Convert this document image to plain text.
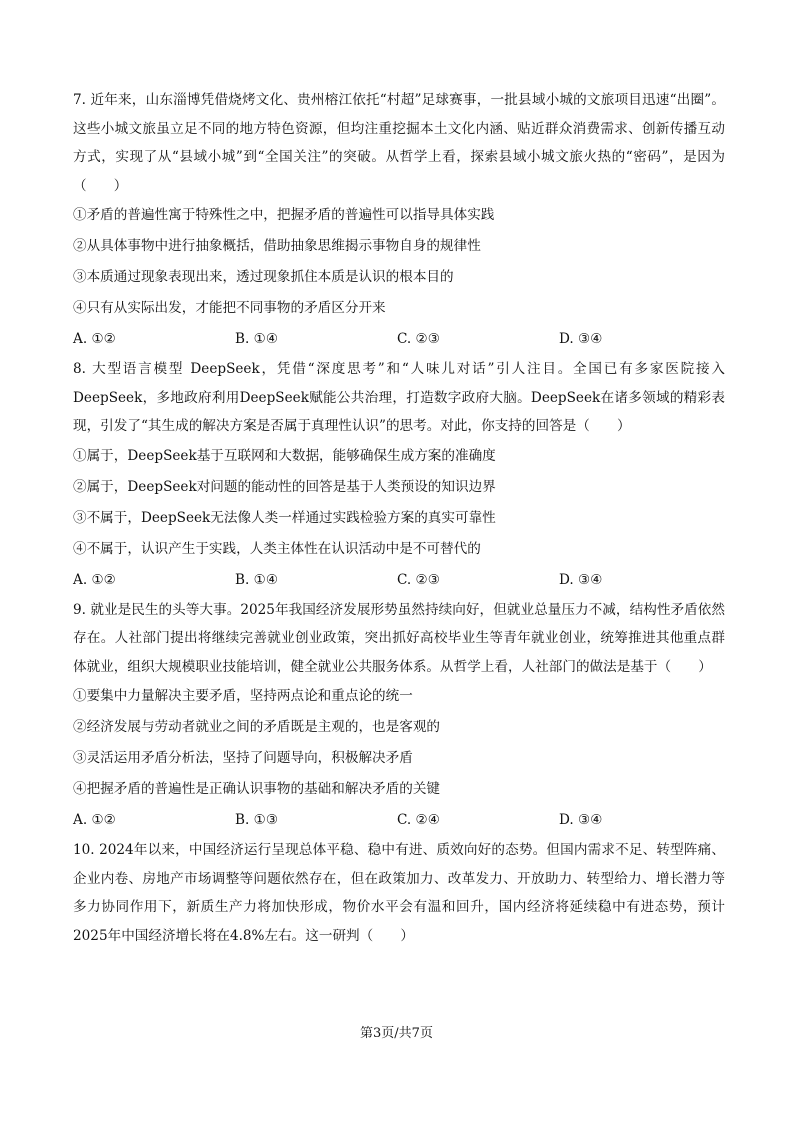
7. 近年来，山东淄博凭借烧烤文化、贵州榕江依托“村超”足球赛事，一批县域小城的文旅项目迅速“出圈”。这些小城文旅虽立足不同的地方特色资源，但均注重挖掘本土文化内涵、贴近群众消费需求、创新传播互动方式，实现了从“县域小城”到“全国关注”的突破。从哲学上看，探索县域小城文旅火热的“密码”，是因为（　　）

①矛盾的普遍性寓于特殊性之中，把握矛盾的普遍性可以指导具体实践

②从具体事物中进行抽象概括，借助抽象思维揭示事物自身的规律性

③本质通过现象表现出来，透过现象抓住本质是认识的根本目的

④只有从实际出发，才能把不同事物的矛盾区分开来

A. ①②	B. ①④	C. ②③	D. ③④

8. 大型语言模型 DeepSeek，凭借“深度思考”和“人味儿对话”引人注目。全国已有多家医院接入DeepSeek，多地政府利用DeepSeek赋能公共治理，打造数字政府大脑。DeepSeek在诸多领域的精彩表现，引发了“其生成的解决方案是否属于真理性认识”的思考。对此，你支持的回答是（　　）

①属于，DeepSeek基于互联网和大数据，能够确保生成方案的准确度

②属于，DeepSeek对问题的能动性的回答是基于人类预设的知识边界

③不属于，DeepSeek无法像人类一样通过实践检验方案的真实可靠性

④不属于，认识产生于实践，人类主体性在认识活动中是不可替代的

A. ①②	B. ①④	C. ②③	D. ③④

9. 就业是民生的头等大事。2025年我国经济发展形势虽然持续向好，但就业总量压力不减，结构性矛盾依然存在。人社部门提出将继续完善就业创业政策，突出抓好高校毕业生等青年就业创业，统筹推进其他重点群体就业，组织大规模职业技能培训，健全就业公共服务体系。从哲学上看，人社部门的做法是基于（　　）

①要集中力量解决主要矛盾，坚持两点论和重点论的统一

②经济发展与劳动者就业之间的矛盾既是主观的，也是客观的

③灵活运用矛盾分析法，坚持了问题导向，积极解决矛盾

④把握矛盾的普遍性是正确认识事物的基础和解决矛盾的关键

A. ①②	B. ①③	C. ②④	D. ③④

10. 2024年以来，中国经济运行呈现总体平稳、稳中有进、质效向好的态势。但国内需求不足、转型阵痛、企业内卷、房地产市场调整等问题依然存在，但在政策加力、改革发力、开放助力、转型给力、增长潜力等多力协同作用下，新质生产力将加快形成，物价水平会有温和回升，国内经济将延续稳中有进态势，预计2025年中国经济增长将在4.8%左右。这一研判（　　）

第3页/共7页
